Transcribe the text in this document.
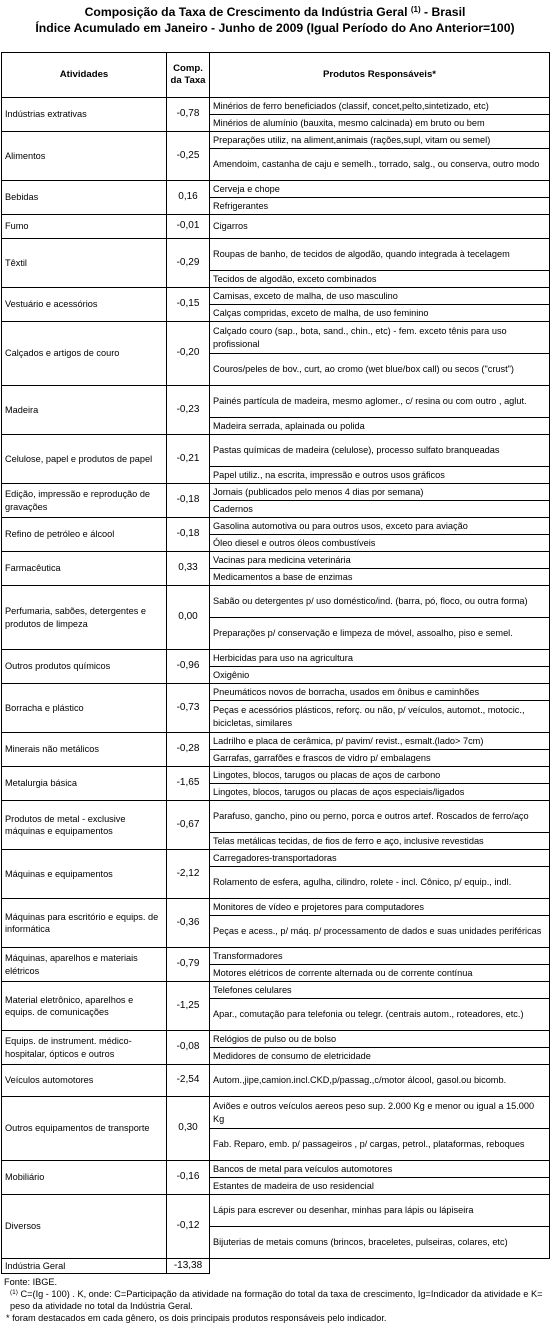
Composição da Taxa de Crescimento da Indústria Geral $^{(1)}$ - Brasil
Índice Acumulado em Janeiro - Junho de 2009 (Igual Período do Ano Anterior=100)
Atividades	Comp. da Taxa	Produtos Responsáveis*
Indústrias extrativas	-0,78	Minérios de ferro beneficiados (classif, concet,pelto,sintetizado, etc)
		Minérios de alumínio (bauxita, mesmo calcinada) em bruto ou bem
Alimentos	-0,25	Preparações utiliz, na aliment,animais (rações,supl, vitam ou semel)
		Amendoim, castanha de caju e semelh., torrado, salg., ou conserva, outro modo
Bebidas	0,16	Cerveja e chope
		Refrigerantes
Fumo	-0,01	Cigarros
Têxtil	-0,29	Roupas de banho, de tecidos de algodão, quando integrada à tecelagem
		Tecidos de algodão, exceto combinados
Vestuário e acessórios	-0,15	Camisas, exceto de malha, de uso masculino
		Calças compridas, exceto de malha, de uso feminino
Calçados e artigos de couro	-0,20	Calçado couro (sap., bota, sand., chin., etc) - fem. exceto tênis para uso profissional
		Couros/peles de bov., curt, ao cromo (wet blue/box call) ou secos ("crust")
Madeira	-0,23	Painés partícula de madeira, mesmo aglomer., c/ resina ou com outro , aglut.
		Madeira serrada, aplainada ou polida
Celulose, papel e produtos de papel	-0,21	Pastas químicas de madeira (celulose), processo sulfato branqueadas
		Papel utiliz., na escrita, impressão e outros usos gráficos
Edição, impressão e reprodução de gravações	-0,18	Jornais (publicados pelo menos 4 dias por semana)
		Cadernos
Refino de petróleo e álcool	-0,18	Gasolina automotiva ou para outros usos, exceto para aviação
		Óleo diesel e outros óleos combustíveis
Farmacêutica	0,33	Vacinas para medicina veterinária
		Medicamentos a base de enzimas
Perfumaria, sabões, detergentes e produtos de limpeza	0,00	Sabão ou detergentes p/ uso doméstico/ind. (barra, pó, floco, ou outra forma)
		Preparações p/ conservação e limpeza de móvel, assoalho, piso e semel.
Outros produtos químicos	-0,96	Herbicidas para uso na agricultura
		Oxigênio
Borracha e plástico	-0,73	Pneumáticos novos de borracha, usados em ônibus e caminhões
		Peças e acessórios plásticos, reforç. ou não, p/ veículos, automot., motocic., bicicletas, similares
Minerais não metálicos	-0,28	Ladrilho e placa de cerâmica, p/ pavim/ revist., esmalt.(lado> 7cm)
		Garrafas, garrafões e frascos de vidro p/ embalagens
Metalurgia básica	-1,65	Lingotes, blocos, tarugos ou placas de aços de carbono
		Lingotes, blocos, tarugos ou placas de aços especiais/ligados
Produtos de metal - exclusive máquinas e equipamentos	-0,67	Parafuso, gancho, pino ou perno, porca e outros artef. Roscados de ferro/aço
		Telas metálicas tecidas, de fios de ferro e aço, inclusive revestidas
Máquinas e equipamentos	-2,12	Carregadores-transportadoras
		Rolamento de esfera, agulha, cilindro, rolete - incl. Cônico, p/ equip., indl.
Máquinas para escritório e equips. de informática	-0,36	Monitores de vídeo e projetores para computadores
		Peças e acess., p/ máq. p/ processamento de dados e suas unidades periféricas
Máquinas, aparelhos e materiais elétricos	-0,79	Transformadores
		Motores elétricos de corrente alternada ou de corrente contínua
Material eletrônico, aparelhos e equips. de comunicações	-1,25	Telefones celulares
		Apar., comutação para telefonia ou telegr. (centrais autom., roteadores, etc.)
Equips. de instrument. médico-hospitalar, ópticos e outros	-0,08	Relógios de pulso ou de bolso
		Medidores de consumo de eletricidade
Veículos automotores	-2,54	Autom.,jipe,camion.incl.CKD,p/passag.,c/motor álcool, gasol.ou bicomb.
Outros equipamentos de transporte	0,30	Aviões e outros veículos aereos peso sup. 2.000 Kg e menor ou igual a 15.000 Kg
		Fab. Reparo, emb. p/ passageiros , p/ cargas, petrol., plataformas, reboques
Mobiliário	-0,16	Bancos de metal para veículos automotores
		Estantes de madeira de uso residencial
Diversos	-0,12	Lápis para escrever ou desenhar, minhas para lápis ou lápiseira
		Bijuterias de metais comuns (brincos, braceletes, pulseiras, colares, etc)
Indústria Geral	-13,38	
Fonte: IBGE.
$^{(1)}$ C=(Ig - 100) . K, onde: C=Participação da atividade na formação do total da taxa de crescimento, Ig=Indicador da atividade e K= peso da atividade no total da Indústria Geral.
* foram destacados em cada gênero, os dois principais produtos responsáveis pelo indicador.
